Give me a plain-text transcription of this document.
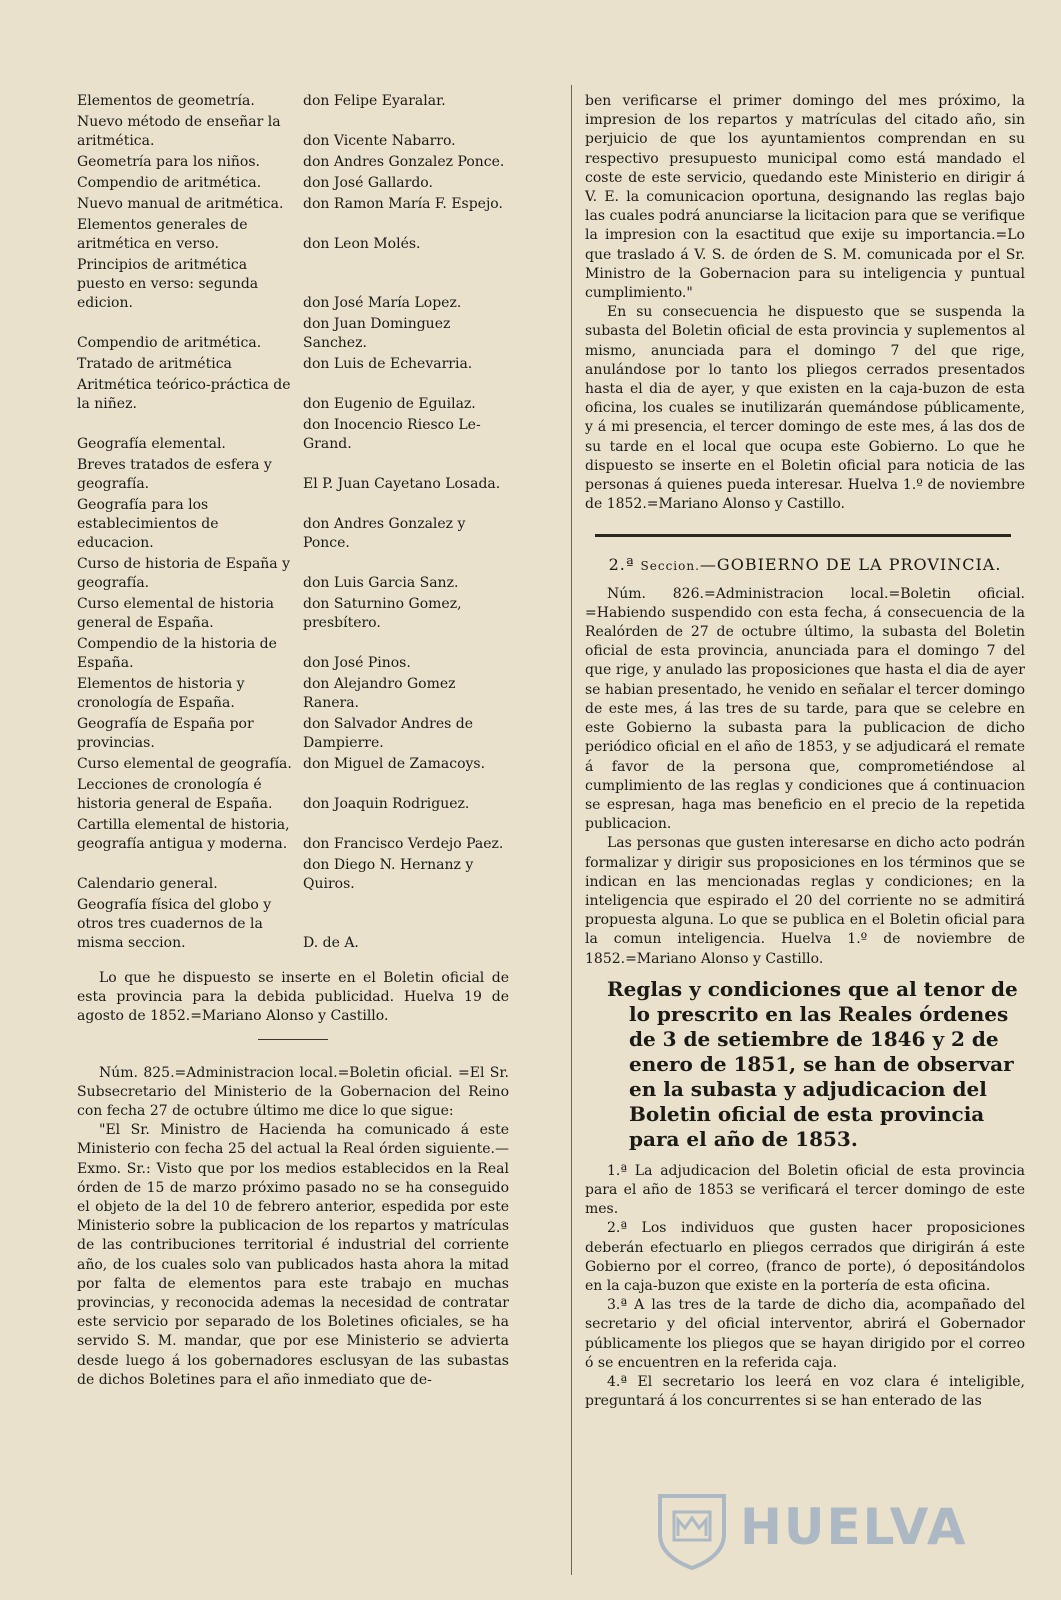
Elementos de geometría.	don Felipe Eyaralar.
Nuevo método de enseñar la aritmética.	don Vicente Nabarro.
Geometría para los niños.	don Andres Gonzalez Ponce.
Compendio de aritmética.	don José Gallardo.
Nuevo manual de aritmética.	don Ramon María F. Espejo.
Elementos generales de aritmética en verso.	don Leon Molés.
Principios de aritmética puesto en verso: segunda edicion.	don José María Lopez.
Compendio de aritmética.	don Juan Dominguez Sanchez.
Tratado de aritmética	don Luis de Echevarria.
Aritmética teórico-práctica de la niñez.	don Eugenio de Eguilaz.
Geografía elemental.	don Inocencio Riesco Le-Grand.
Breves tratados de esfera y geografía.	El P. Juan Cayetano Losada.
Geografía para los establecimientos de educacion.	don Andres Gonzalez y Ponce.
Curso de historia de España y geografía.	don Luis Garcia Sanz.
Curso elemental de historia general de España.	don Saturnino Gomez, presbítero.
Compendio de la historia de España.	don José Pinos.
Elementos de historia y cronología de España.	don Alejandro Gomez Ranera.
Geografía de España por provincias.	don Salvador Andres de Dampierre.
Curso elemental de geografía.	don Miguel de Zamacoys.
Lecciones de cronología é historia general de España.	don Joaquin Rodriguez.
Cartilla elemental de historia, geografía antigua y moderna.	don Francisco Verdejo Paez.
Calendario general.	don Diego N. Hernanz y Quiros.
Geografía física del globo y otros tres cuadernos de la misma seccion.	D. de A.

Lo que he dispuesto se inserte en el Boletin oficial de esta provincia para la debida publicidad. Huelva 19 de agosto de 1852.=Mariano Alonso y Castillo.

Núm. 825.=Administracion local.=Boletin oficial. =El Sr. Subsecretario del Ministerio de la Gobernacion del Reino con fecha 27 de octubre último me dice lo que sigue:

"El Sr. Ministro de Hacienda ha comunicado á este Ministerio con fecha 25 del actual la Real órden siguiente.—Exmo. Sr.: Visto que por los medios establecidos en la Real órden de 15 de marzo próximo pasado no se ha conseguido el objeto de la del 10 de febrero anterior, espedida por este Ministerio sobre la publicacion de los repartos y matrículas de las contribuciones territorial é industrial del corriente año, de los cuales solo van publicados hasta ahora la mitad por falta de elementos para este trabajo en muchas provincias, y reconocida ademas la necesidad de contratar este servicio por separado de los Boletines oficiales, se ha servido S. M. mandar, que por ese Ministerio se advierta desde luego á los gobernadores esclusyan de las subastas de dichos Boletines para el año inmediato que de-

ben verificarse el primer domingo del mes próximo, la impresion de los repartos y matrículas del citado año, sin perjuicio de que los ayuntamientos comprendan en su respectivo presupuesto municipal como está mandado el coste de este servicio, quedando este Ministerio en dirigir á V. E. la comunicacion oportuna, designando las reglas bajo las cuales podrá anunciarse la licitacion para que se verifique la impresion con la esactitud que exije su importancia.=Lo que traslado á V. S. de órden de S. M. comunicada por el Sr. Ministro de la Gobernacion para su inteligencia y puntual cumplimiento."

En su consecuencia he dispuesto que se suspenda la subasta del Boletin oficial de esta provincia y suplementos al mismo, anunciada para el domingo 7 del que rige, anulándose por lo tanto los pliegos cerrados presentados hasta el dia de ayer, y que existen en la caja-buzon de esta oficina, los cuales se inutilizarán quemándose públicamente, y á mi presencia, el tercer domingo de este mes, á las dos de su tarde en el local que ocupa este Gobierno. Lo que he dispuesto se inserte en el Boletin oficial para noticia de las personas á quienes pueda interesar. Huelva 1.º de noviembre de 1852.=Mariano Alonso y Castillo.

2.ª Seccion.—GOBIERNO DE LA PROVINCIA.

Núm. 826.=Administracion local.=Boletin oficial. =Habiendo suspendido con esta fecha, á consecuencia de la Realórden de 27 de octubre último, la subasta del Boletin oficial de esta provincia, anunciada para el domingo 7 del que rige, y anulado las proposiciones que hasta el dia de ayer se habian presentado, he venido en señalar el tercer domingo de este mes, á las tres de su tarde, para que se celebre en este Gobierno la subasta para la publicacion de dicho periódico oficial en el año de 1853, y se adjudicará el remate á favor de la persona que, comprometiéndose al cumplimiento de las reglas y condiciones que á continuacion se espresan, haga mas beneficio en el precio de la repetida publicacion.

Las personas que gusten interesarse en dicho acto podrán formalizar y dirigir sus proposiciones en los términos que se indican en las mencionadas reglas y condiciones; en la inteligencia que espirado el 20 del corriente no se admitirá propuesta alguna. Lo que se publica en el Boletin oficial para la comun inteligencia. Huelva 1.º de noviembre de 1852.=Mariano Alonso y Castillo.

Reglas y condiciones que al tenor de lo prescrito en las Reales órdenes de 3 de setiembre de 1846 y 2 de enero de 1851, se han de observar en la subasta y adjudicacion del Boletin oficial de esta provincia para el año de 1853.

1.ª La adjudicacion del Boletin oficial de esta provincia para el año de 1853 se verificará el tercer domingo de este mes.

2.ª Los individuos que gusten hacer proposiciones deberán efectuarlo en pliegos cerrados que dirigirán á este Gobierno por el correo, (franco de porte), ó depositándolos en la caja-buzon que existe en la portería de esta oficina.

3.ª A las tres de la tarde de dicho dia, acompañado del secretario y del oficial interventor, abrirá el Gobernador públicamente los pliegos que se hayan dirigido por el correo ó se encuentren en la referida caja.

4.ª El secretario los leerá en voz clara é inteligible, preguntará á los concurrentes si se han enterado de las

HUELVA
